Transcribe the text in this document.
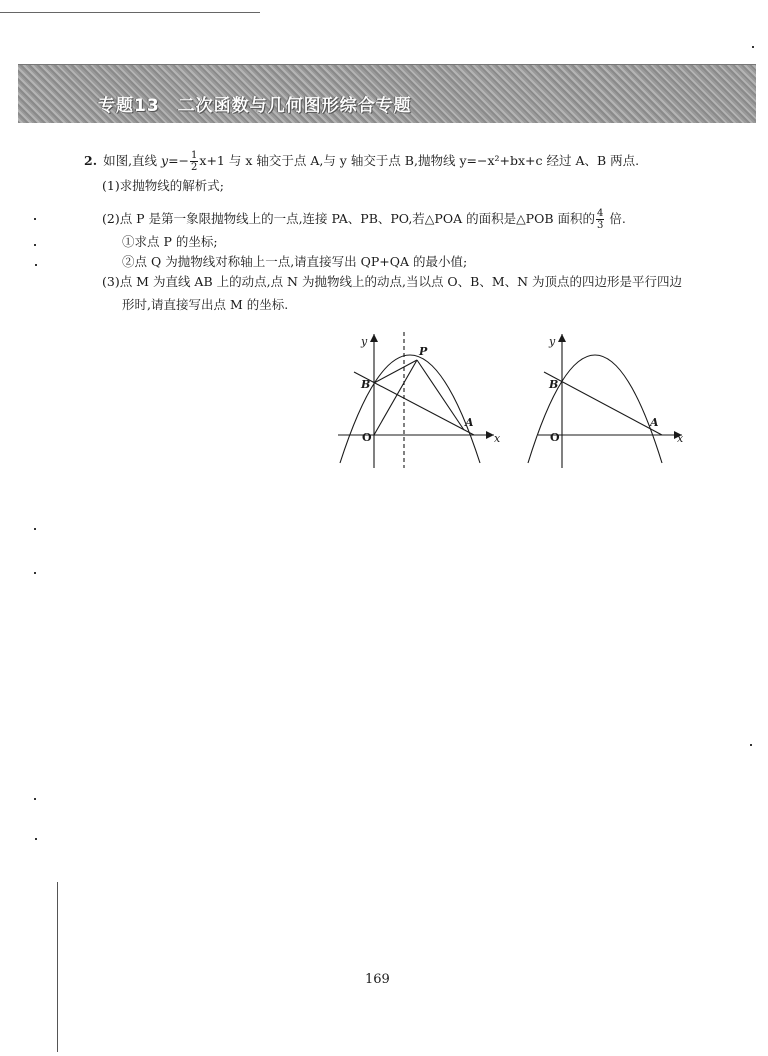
专题13　二次函数与几何图形综合专题
2. 如图,直线 $y=- \frac{1}{2} x+1$ 与 x 轴交于点 A,与 y 轴交于点 B,抛物线 y=−x²+bx+c 经过 A、B 两点.
(1)求抛物线的解析式;
(2)点 P 是第一象限抛物线上的一点,连接 PA、PB、PO,若△POA 的面积是△POB 面积的 $\frac{4}{3}$ 倍.
①求点 P 的坐标;
②点 Q 为抛物线对称轴上一点,请直接写出 QP+QA 的最小值;
(3)点 M 为直线 AB 上的动点,点 N 为抛物线上的动点,当以点 O、B、M、N 为顶点的四边形是平行四边
形时,请直接写出点 M 的坐标.
y
x
O
A
B
P
y
x
O
A
B
169
